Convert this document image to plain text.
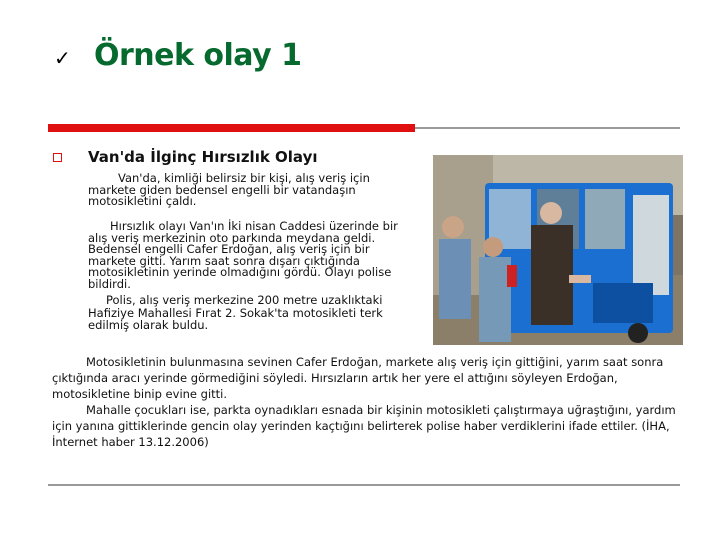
✓ Örnek olay 1
Van'da İlginç Hırsızlık Olayı

Van'da, kimliği belirsiz bir kişi, alış veriş için markete giden bedensel engelli bir vatandaşın motosikletini çaldı.

Hırsızlık olayı Van'ın İki nisan Caddesi üzerinde bir alış veriş merkezinin oto parkında meydana geldi. Bedensel engelli Cafer Erdoğan, alış veriş için bir markete gitti. Yarım saat sonra dışarı çıktığında motosikletinin yerinde olmadığını gördü. Olayı polise bildirdi.

Polis, alış veriş merkezine 200 metre uzaklıktaki Hafiziye Mahallesi Fırat 2. Sokak'ta motosikleti terk edilmiş olarak buldu.

Motosikletinin bulunmasına sevinen Cafer Erdoğan, markete alış veriş için gittiğini, yarım saat sonra çıktığında aracı yerinde görmediğini söyledi. Hırsızların artık her yere el attığını söyleyen Erdoğan, motosikletine binip evine gitti.
Mahalle çocukları ise, parkta oynadıkları esnada bir kişinin motosikleti çalıştırmaya uğraştığını, yardım için yanına gittiklerinde gencin olay yerinden kaçtığını belirterek polise haber verdiklerini ifade ettiler. (İHA, İnternet haber 13.12.2006)
